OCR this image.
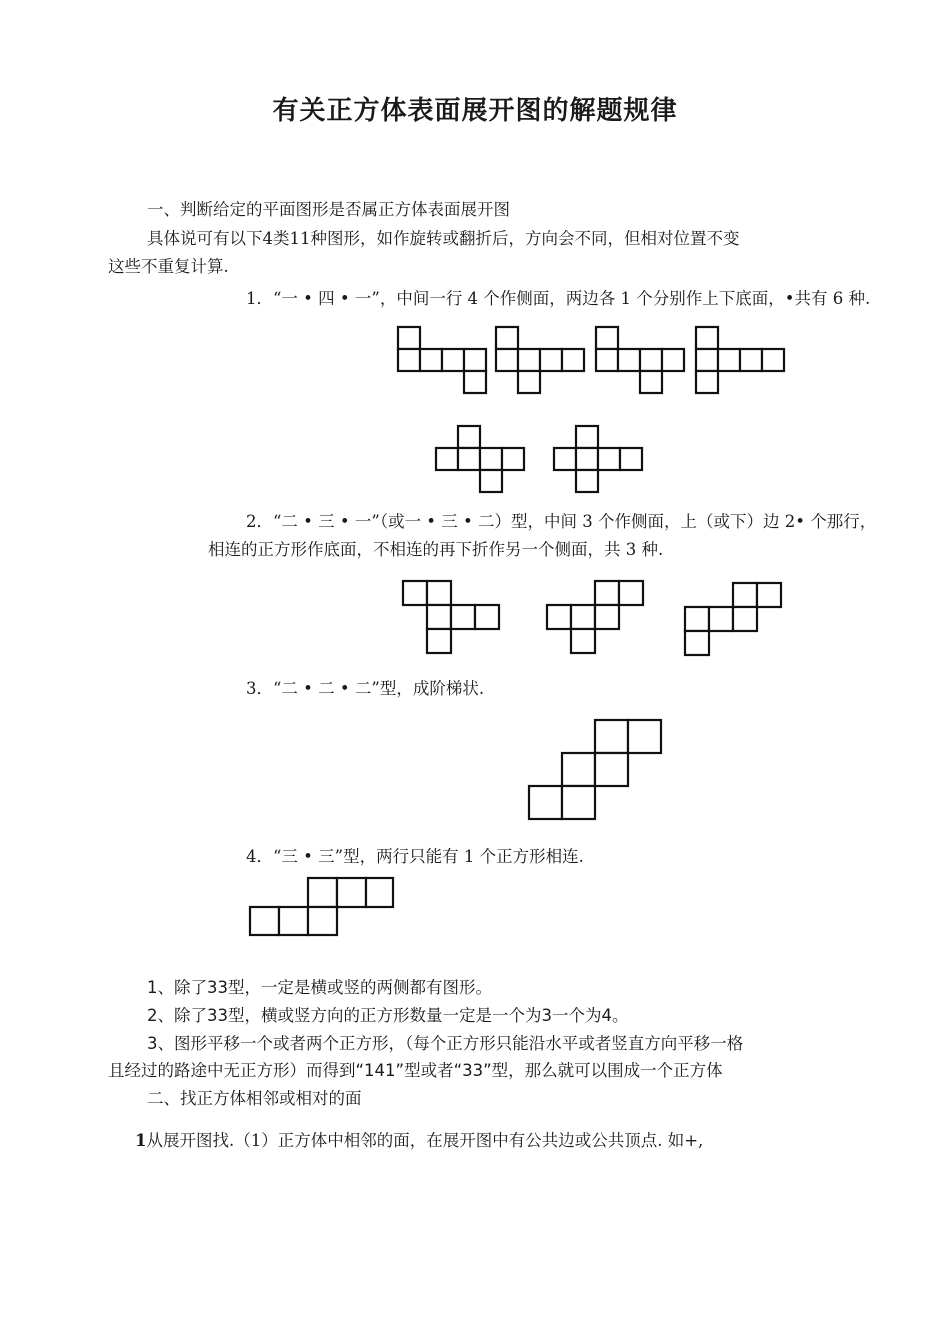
有关正方体表面展开图的解题规律
一、判断给定的平面图形是否属正方体表面展开图
具体说可有以下4类11种图形，如作旋转或翻折后，方向会不同，但相对位置不变
这些不重复计算.
1．“一 • 四 • 一”，中间一行 4 个作侧面，两边各 1 个分别作上下底面，•共有 6 种.
2．“二 • 三 • 一”（或一 • 三 • 二）型，中间 3 个作侧面，上（或下）边 2• 个那行，
相连的正方形作底面，不相连的再下折作另一个侧面，共 3 种.
3．“二 • 二 • 二”型，成阶梯状.
4．“三 • 三”型，两行只能有 1 个正方形相连.
1、除了33型，一定是横或竖的两侧都有图形。
2、除了33型，横或竖方向的正方形数量一定是一个为3一个为4。
3、图形平移一个或者两个正方形，（每个正方形只能沿水平或者竖直方向平移一格
且经过的路途中无正方形）而得到“141”型或者“33”型，那么就可以围成一个正方体
二、找正方体相邻或相对的面
1从展开图找.（1）正方体中相邻的面，在展开图中有公共边或公共顶点. 如+,
